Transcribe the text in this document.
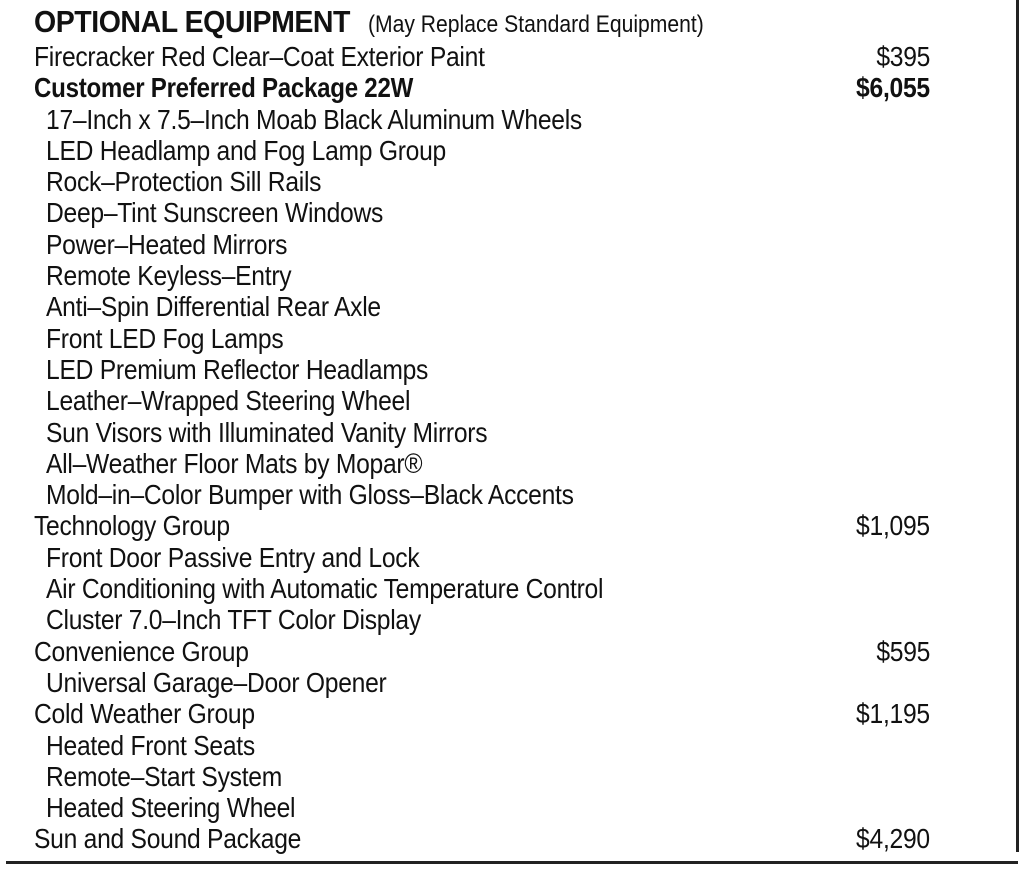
OPTIONAL EQUIPMENT (May Replace Standard Equipment)
Firecracker Red Clear–Coat Exterior Paint	$395
Customer Preferred Package 22W	$6,055
17–Inch x 7.5–Inch Moab Black Aluminum Wheels
LED Headlamp and Fog Lamp Group
Rock–Protection Sill Rails
Deep–Tint Sunscreen Windows
Power–Heated Mirrors
Remote Keyless–Entry
Anti–Spin Differential Rear Axle
Front LED Fog Lamps
LED Premium Reflector Headlamps
Leather–Wrapped Steering Wheel
Sun Visors with Illuminated Vanity Mirrors
All–Weather Floor Mats by Mopar®
Mold–in–Color Bumper with Gloss–Black Accents
Technology Group	$1,095
Front Door Passive Entry and Lock
Air Conditioning with Automatic Temperature Control
Cluster 7.0–Inch TFT Color Display
Convenience Group	$595
Universal Garage–Door Opener
Cold Weather Group	$1,195
Heated Front Seats
Remote–Start System
Heated Steering Wheel
Sun and Sound Package	$4,290
